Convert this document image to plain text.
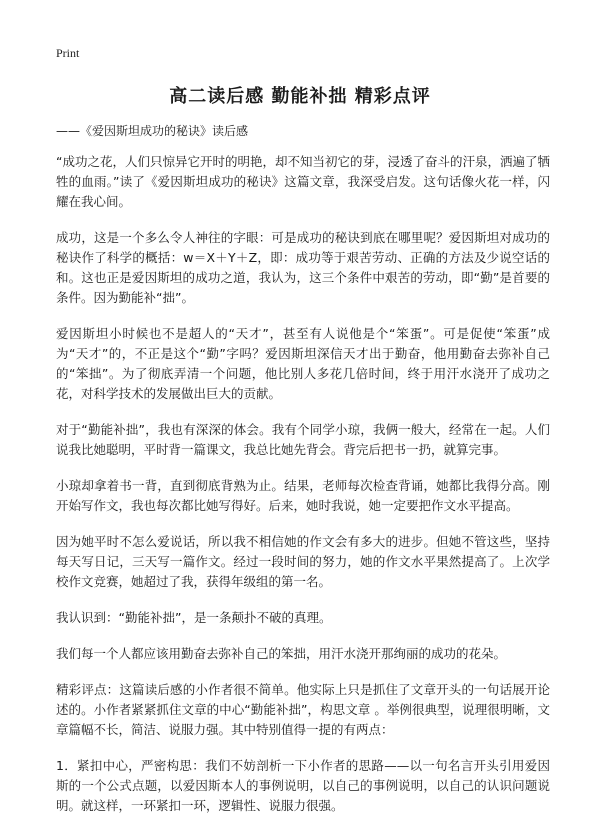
Print
高二读后感 勤能补拙 精彩点评
——《爱因斯坦成功的秘诀》读后感

“成功之花，人们只惊异它开时的明艳，却不知当初它的芽，浸透了奋斗的汗泉，洒遍了牺牲的血雨。”读了《爱因斯坦成功的秘诀》这篇文章，我深受启发。这句话像火花一样，闪耀在我心间。

成功，这是一个多么令人神往的字眼：可是成功的秘诀到底在哪里呢？爱因斯坦对成功的秘诀作了科学的概括：w＝X＋Y＋Z，即：成功等于艰苦劳动、正确的方法及少说空话的和。这也正是爱因斯坦的成功之道，我认为，这三个条件中艰苦的劳动，即“勤”是首要的条件。因为勤能补“拙”。

爱因斯坦小时候也不是超人的“天才”，甚至有人说他是个“笨蛋”。可是促使“笨蛋”成为“天才”的，不正是这个“勤”字吗？爱因斯坦深信天才出于勤奋，他用勤奋去弥补自己的“笨拙”。为了彻底弄清一个问题，他比别人多花几倍时间，终于用汗水浇开了成功之花，对科学技术的发展做出巨大的贡献。

对于“勤能补拙”，我也有深深的体会。我有个同学小琼，我俩一般大，经常在一起。人们说我比她聪明，平时背一篇课文，我总比她先背会。背完后把书一扔，就算完事。

小琼却拿着书一背，直到彻底背熟为止。结果，老师每次检查背诵，她都比我得分高。刚开始写作文，我也每次都比她写得好。后来，她时我说，她一定要把作文水平提高。

因为她平时不怎么爱说话，所以我不相信她的作文会有多大的进步。但她不管这些，坚持每天写日记，三天写一篇作文。经过一段时间的努力，她的作文水平果然提高了。上次学校作文竞赛，她超过了我，获得年级组的第一名。

我认识到：“勤能补拙”，是一条颠扑不破的真理。

我们每一个人都应该用勤奋去弥补自己的笨拙，用汗水浇开那绚丽的成功的花朵。

精彩评点：这篇读后感的小作者很不简单。他实际上只是抓住了文章开头的一句话展开论述的。小作者紧紧抓住文章的中心“勤能补拙”，构思文章 。举例很典型，说理很明晰，文章篇幅不长，简洁、说服力强。其中特别值得一提的有两点：

1．紧扣中心，严密构思：我们不妨剖析一下小作者的思路——以一句名言开头引用爱因斯的一个公式点题，以爱因斯本人的事例说明，以自己的事例说明，以自己的认识问题说明。就这样，一环紧扣一环，逻辑性、说服力很强。
